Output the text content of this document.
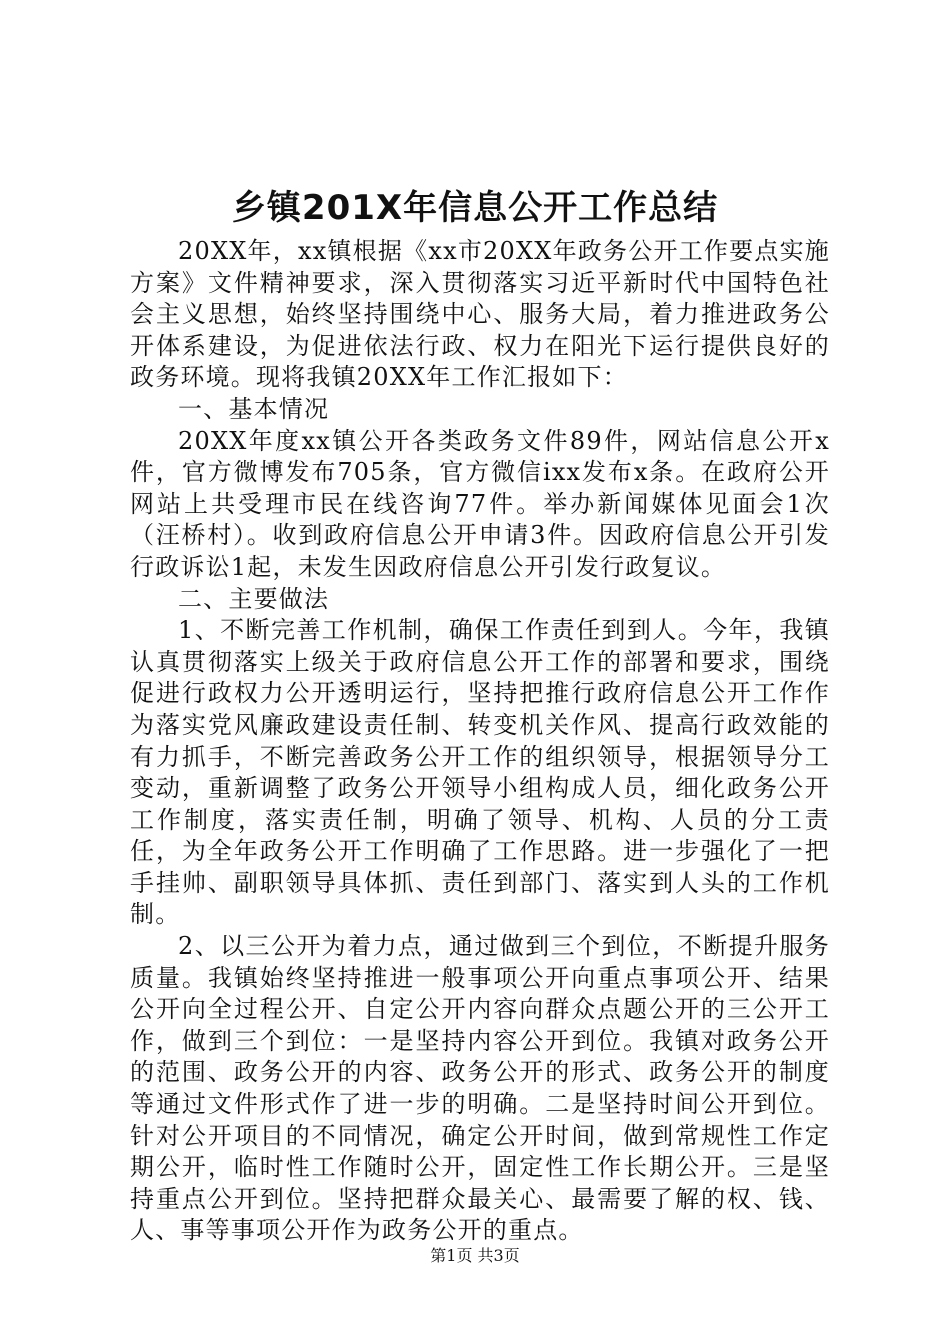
乡镇201X年信息公开工作总结

20XX年，xx镇根据《xx市20XX年政务公开工作要点实施方案》文件精神要求，深入贯彻落实习近平新时代中国特色社会主义思想，始终坚持围绕中心、服务大局，着力推进政务公开体系建设，为促进依法行政、权力在阳光下运行提供良好的政务环境。现将我镇20XX年工作汇报如下：

一、基本情况

20XX年度xx镇公开各类政务文件89件，网站信息公开x件，官方微博发布705条，官方微信ixx发布x条。在政府公开网站上共受理市民在线咨询77件。举办新闻媒体见面会1次（汪桥村）。收到政府信息公开申请3件。因政府信息公开引发行政诉讼1起，未发生因政府信息公开引发行政复议。

二、主要做法

1、不断完善工作机制，确保工作责任到到人。今年，我镇认真贯彻落实上级关于政府信息公开工作的部署和要求，围绕促进行政权力公开透明运行，坚持把推行政府信息公开工作作为落实党风廉政建设责任制、转变机关作风、提高行政效能的有力抓手，不断完善政务公开工作的组织领导，根据领导分工变动，重新调整了政务公开领导小组构成人员，细化政务公开工作制度，落实责任制，明确了领导、机构、人员的分工责任，为全年政务公开工作明确了工作思路。进一步强化了一把手挂帅、副职领导具体抓、责任到部门、落实到人头的工作机制。

2、以三公开为着力点，通过做到三个到位，不断提升服务质量。我镇始终坚持推进一般事项公开向重点事项公开、结果公开向全过程公开、自定公开内容向群众点题公开的三公开工作，做到三个到位：一是坚持内容公开到位。我镇对政务公开的范围、政务公开的内容、政务公开的形式、政务公开的制度等通过文件形式作了进一步的明确。二是坚持时间公开到位。针对公开项目的不同情况，确定公开时间，做到常规性工作定期公开，临时性工作随时公开，固定性工作长期公开。三是坚持重点公开到位。坚持把群众最关心、最需要了解的权、钱、人、事等事项公开作为政务公开的重点。

第1页 共3页
